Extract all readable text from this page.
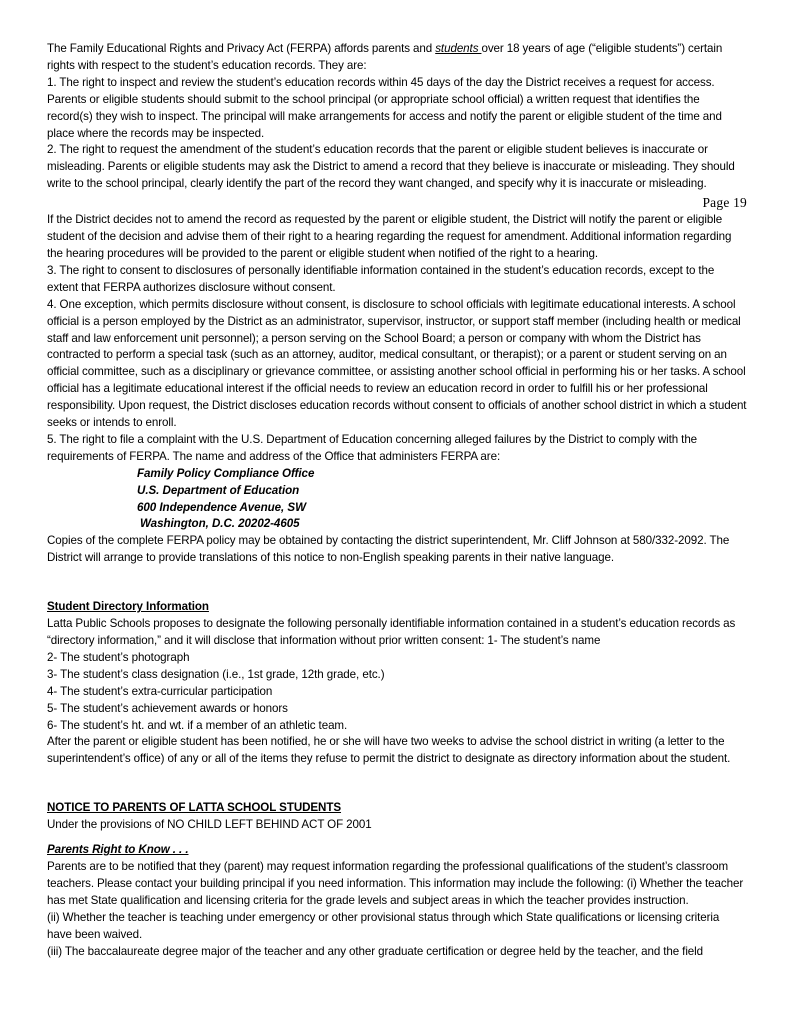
The Family Educational Rights and Privacy Act (FERPA) affords parents and students over 18 years of age (“eligible students”) certain rights with respect to the student’s education records. They are:

1. The right to inspect and review the student’s education records within 45 days of the day the District receives a request for access. Parents or eligible students should submit to the school principal (or appropriate school official) a written request that identifies the record(s) they wish to inspect. The principal will make arrangements for access and notify the parent or eligible student of the time and place where the records may be inspected.

2. The right to request the amendment of the student’s education records that the parent or eligible student believes is inaccurate or misleading. Parents or eligible students may ask the District to amend a record that they believe is inaccurate or misleading. They should write to the school principal, clearly identify the part of the record they want changed, and specify why it is inaccurate or misleading.

Page 19

If the District decides not to amend the record as requested by the parent or eligible student, the District will notify the parent or eligible student of the decision and advise them of their right to a hearing regarding the request for amendment. Additional information regarding the hearing procedures will be provided to the parent or eligible student when notified of the right to a hearing.

3. The right to consent to disclosures of personally identifiable information contained in the student’s education records, except to the extent that FERPA authorizes disclosure without consent.

4. One exception, which permits disclosure without consent, is disclosure to school officials with legitimate educational interests. A school official is a person employed by the District as an administrator, supervisor, instructor, or support staff member (including health or medical staff and law enforcement unit personnel); a person serving on the School Board; a person or company with whom the District has contracted to perform a special task (such as an attorney, auditor, medical consultant, or therapist); or a parent or student serving on an official committee, such as a disciplinary or grievance committee, or assisting another school official in performing his or her tasks. A school official has a legitimate educational interest if the official needs to review an education record in order to fulfill his or her professional responsibility. Upon request, the District discloses education records without consent to officials of another school district in which a student seeks or intends to enroll.

5. The right to file a complaint with the U.S. Department of Education concerning alleged failures by the District to comply with the requirements of FERPA. The name and address of the Office that administers FERPA are:

Family Policy Compliance Office
U.S. Department of Education
600 Independence Avenue, SW
Washington, D.C. 20202-4605

Copies of the complete FERPA policy may be obtained by contacting the district superintendent, Mr. Cliff Johnson at 580/332-2092. The District will arrange to provide translations of this notice to non-English speaking parents in their native language.

Student Directory Information

Latta Public Schools proposes to designate the following personally identifiable information contained in a student’s education records as “directory information,” and it will disclose that information without prior written consent: 1- The student’s name

2- The student’s photograph
3- The student’s class designation (i.e., 1st grade, 12th grade, etc.)
4- The student’s extra-curricular participation
5- The student’s achievement awards or honors
6- The student’s ht. and wt. if a member of an athletic team.

After the parent or eligible student has been notified, he or she will have two weeks to advise the school district in writing (a letter to the superintendent’s office) of any or all of the items they refuse to permit the district to designate as directory information about the student.

NOTICE TO PARENTS OF LATTA SCHOOL STUDENTS

Under the provisions of NO CHILD LEFT BEHIND ACT OF 2001

Parents Right to Know . . .

Parents are to be notified that they (parent) may request information regarding the professional qualifications of the student’s classroom teachers. Please contact your building principal if you need information. This information may include the following: (i) Whether the teacher has met State qualification and licensing criteria for the grade levels and subject areas in which the teacher provides instruction.

(ii) Whether the teacher is teaching under emergency or other provisional status through which State qualifications or licensing criteria have been waived.

(iii) The baccalaureate degree major of the teacher and any other graduate certification or degree held by the teacher, and the field
